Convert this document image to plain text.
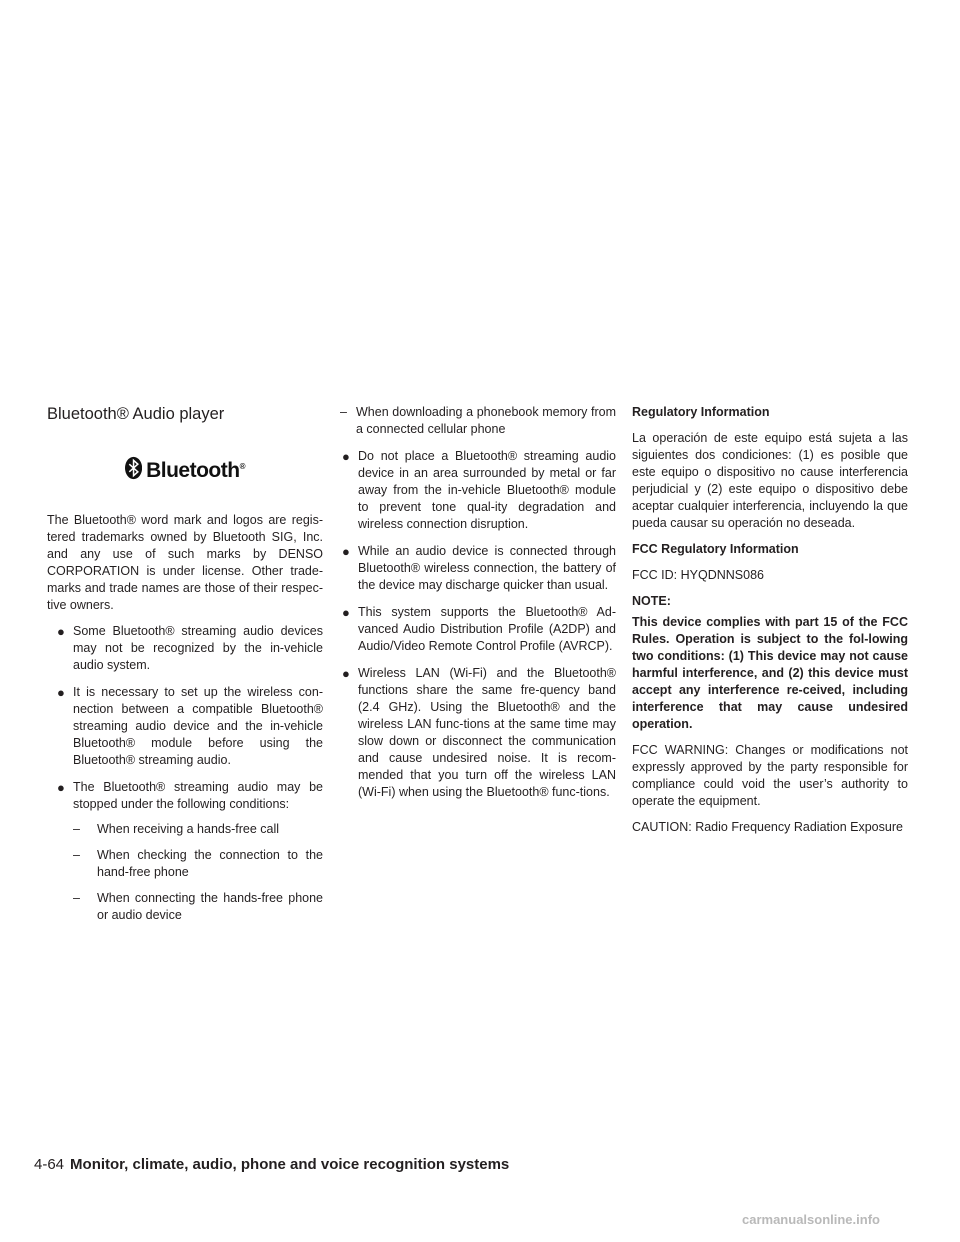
Bluetooth® Audio player
Bluetooth®

The Bluetooth® word mark and logos are regis-tered trademarks owned by Bluetooth SIG, Inc. and any use of such marks by DENSO CORPORATION is under license. Other trade-marks and trade names are those of their respec-tive owners.

● Some Bluetooth® streaming audio devices may not be recognized by the in-vehicle audio system.
● It is necessary to set up the wireless con-nection between a compatible Bluetooth® streaming audio device and the in-vehicle Bluetooth® module before using the Bluetooth® streaming audio.
● The Bluetooth® streaming audio may be stopped under the following conditions:
– When receiving a hands-free call
– When checking the connection to the hand-free phone
– When connecting the hands-free phone or audio device
– When downloading a phonebook memory from a connected cellular phone
● Do not place a Bluetooth® streaming audio device in an area surrounded by metal or far away from the in-vehicle Bluetooth® module to prevent tone qual-ity degradation and wireless connection disruption.
● While an audio device is connected through Bluetooth® wireless connection, the battery of the device may discharge quicker than usual.
● This system supports the Bluetooth® Ad-vanced Audio Distribution Profile (A2DP) and Audio/Video Remote Control Profile (AVRCP).
● Wireless LAN (Wi-Fi) and the Bluetooth® functions share the same fre-quency band (2.4 GHz). Using the Bluetooth® and the wireless LAN func-tions at the same time may slow down or disconnect the communication and cause undesired noise. It is recom-mended that you turn off the wireless LAN (Wi-Fi) when using the Bluetooth® func-tions.
Regulatory Information

La operación de este equipo está sujeta a las siguientes dos condiciones: (1) es posible que este equipo o dispositivo no cause interferencia perjudicial y (2) este equipo o dispositivo debe aceptar cualquier interferencia, incluyendo la que pueda causar su operación no deseada.

FCC Regulatory Information

FCC ID: HYQDNNS086

NOTE:

This device complies with part 15 of the FCC Rules. Operation is subject to the fol-lowing two conditions: (1) This device may not cause harmful interference, and (2) this device must accept any interference re-ceived, including interference that may cause undesired operation.

FCC WARNING: Changes or modifications not expressly approved by the party responsible for compliance could void the user’s authority to operate the equipment.

CAUTION: Radio Frequency Radiation Exposure

4-64 Monitor, climate, audio, phone and voice recognition systems
carmanualsonline.info
